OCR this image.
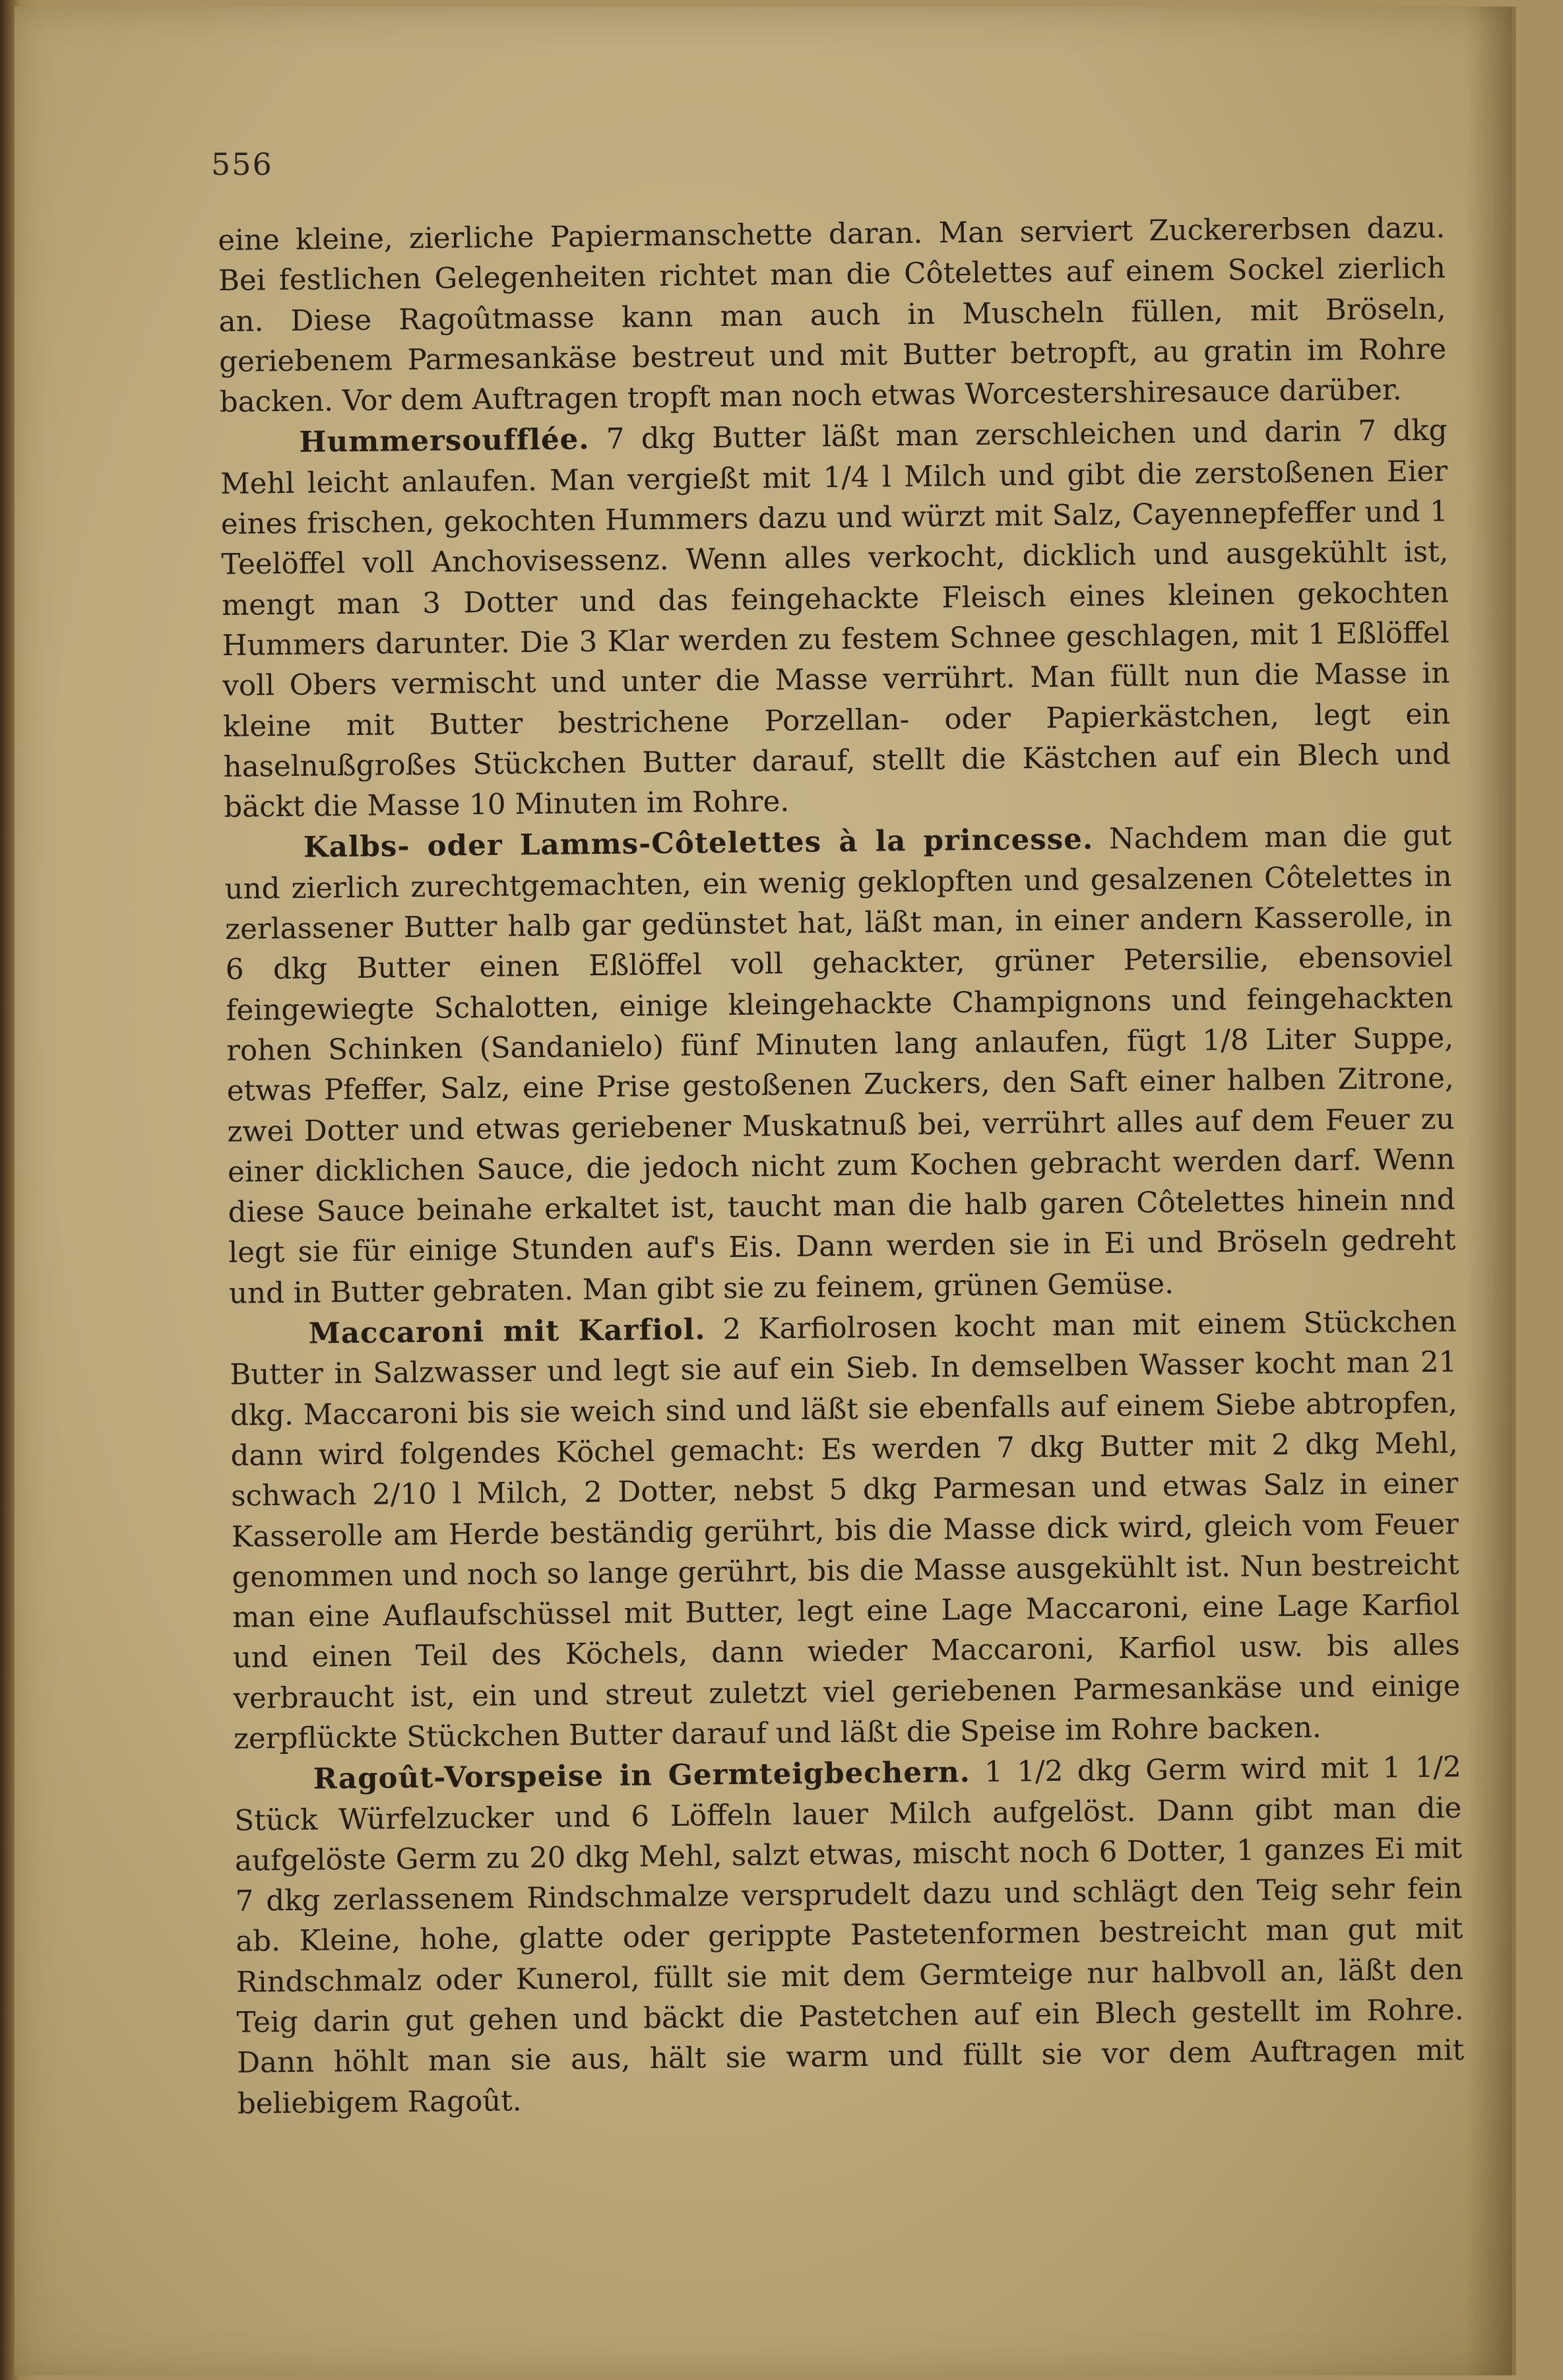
556

eine kleine, zierliche Papiermanschette daran. Man serviert Zuckererbsen dazu. Bei festlichen Gelegenheiten richtet man die Côtelettes auf einem Sockel zierlich an. Diese Ragoûtmasse kann man auch in Muscheln füllen, mit Bröseln, geriebenem Parmesankäse bestreut und mit Butter betropft, au gratin im Rohre backen. Vor dem Auftragen tropft man noch etwas Worcestershiresauce darüber.

Hummersoufflée. 7 dkg Butter läßt man zerschleichen und darin 7 dkg Mehl leicht anlaufen. Man vergießt mit 1/4 l Milch und gibt die zerstoßenen Eier eines frischen, gekochten Hummers dazu und würzt mit Salz, Cayennepfeffer und 1 Teelöffel voll Anchovisessenz. Wenn alles verkocht, dicklich und ausgekühlt ist, mengt man 3 Dotter und das feingehackte Fleisch eines kleinen gekochten Hummers darunter. Die 3 Klar werden zu festem Schnee geschlagen, mit 1 Eßlöffel voll Obers vermischt und unter die Masse verrührt. Man füllt nun die Masse in kleine mit Butter bestrichene Porzellan- oder Papierkästchen, legt ein haselnußgroßes Stückchen Butter darauf, stellt die Kästchen auf ein Blech und bäckt die Masse 10 Minuten im Rohre.

Kalbs- oder Lamms-Côtelettes à la princesse. Nachdem man die gut und zierlich zurechtgemachten, ein wenig geklopften und gesalzenen Côtelettes in zerlassener Butter halb gar gedünstet hat, läßt man, in einer andern Kasserolle, in 6 dkg Butter einen Eßlöffel voll gehackter, grüner Petersilie, ebensoviel feingewiegte Schalotten, einige kleingehackte Champignons und feingehackten rohen Schinken (Sandanielo) fünf Minuten lang anlaufen, fügt 1/8 Liter Suppe, etwas Pfeffer, Salz, eine Prise gestoßenen Zuckers, den Saft einer halben Zitrone, zwei Dotter und etwas geriebener Muskatnuß bei, verrührt alles auf dem Feuer zu einer dicklichen Sauce, die jedoch nicht zum Kochen gebracht werden darf. Wenn diese Sauce beinahe erkaltet ist, taucht man die halb garen Côtelettes hinein nnd legt sie für einige Stunden auf's Eis. Dann werden sie in Ei und Bröseln gedreht und in Butter gebraten. Man gibt sie zu feinem, grünen Gemüse.

Maccaroni mit Karfiol. 2 Karfiolrosen kocht man mit einem Stückchen Butter in Salzwasser und legt sie auf ein Sieb. In demselben Wasser kocht man 21 dkg. Maccaroni bis sie weich sind und läßt sie ebenfalls auf einem Siebe abtropfen, dann wird folgendes Köchel gemacht: Es werden 7 dkg Butter mit 2 dkg Mehl, schwach 2/10 l Milch, 2 Dotter, nebst 5 dkg Parmesan und etwas Salz in einer Kasserolle am Herde beständig gerührt, bis die Masse dick wird, gleich vom Feuer genommen und noch so lange gerührt, bis die Masse ausgekühlt ist. Nun bestreicht man eine Auflaufschüssel mit Butter, legt eine Lage Maccaroni, eine Lage Karfiol und einen Teil des Köchels, dann wieder Maccaroni, Karfiol usw. bis alles verbraucht ist, ein und streut zuletzt viel geriebenen Parmesankäse und einige zerpflückte Stückchen Butter darauf und läßt die Speise im Rohre backen.

Ragoût-Vorspeise in Germteigbechern. 1 1/2 dkg Germ wird mit 1 1/2 Stück Würfelzucker und 6 Löffeln lauer Milch aufgelöst. Dann gibt man die aufgelöste Germ zu 20 dkg Mehl, salzt etwas, mischt noch 6 Dotter, 1 ganzes Ei mit 7 dkg zerlassenem Rindschmalze versprudelt dazu und schlägt den Teig sehr fein ab. Kleine, hohe, glatte oder gerippte Pastetenformen bestreicht man gut mit Rindschmalz oder Kunerol, füllt sie mit dem Germteige nur halbvoll an, läßt den Teig darin gut gehen und bäckt die Pastetchen auf ein Blech gestellt im Rohre. Dann höhlt man sie aus, hält sie warm und füllt sie vor dem Auftragen mit beliebigem Ragoût.
